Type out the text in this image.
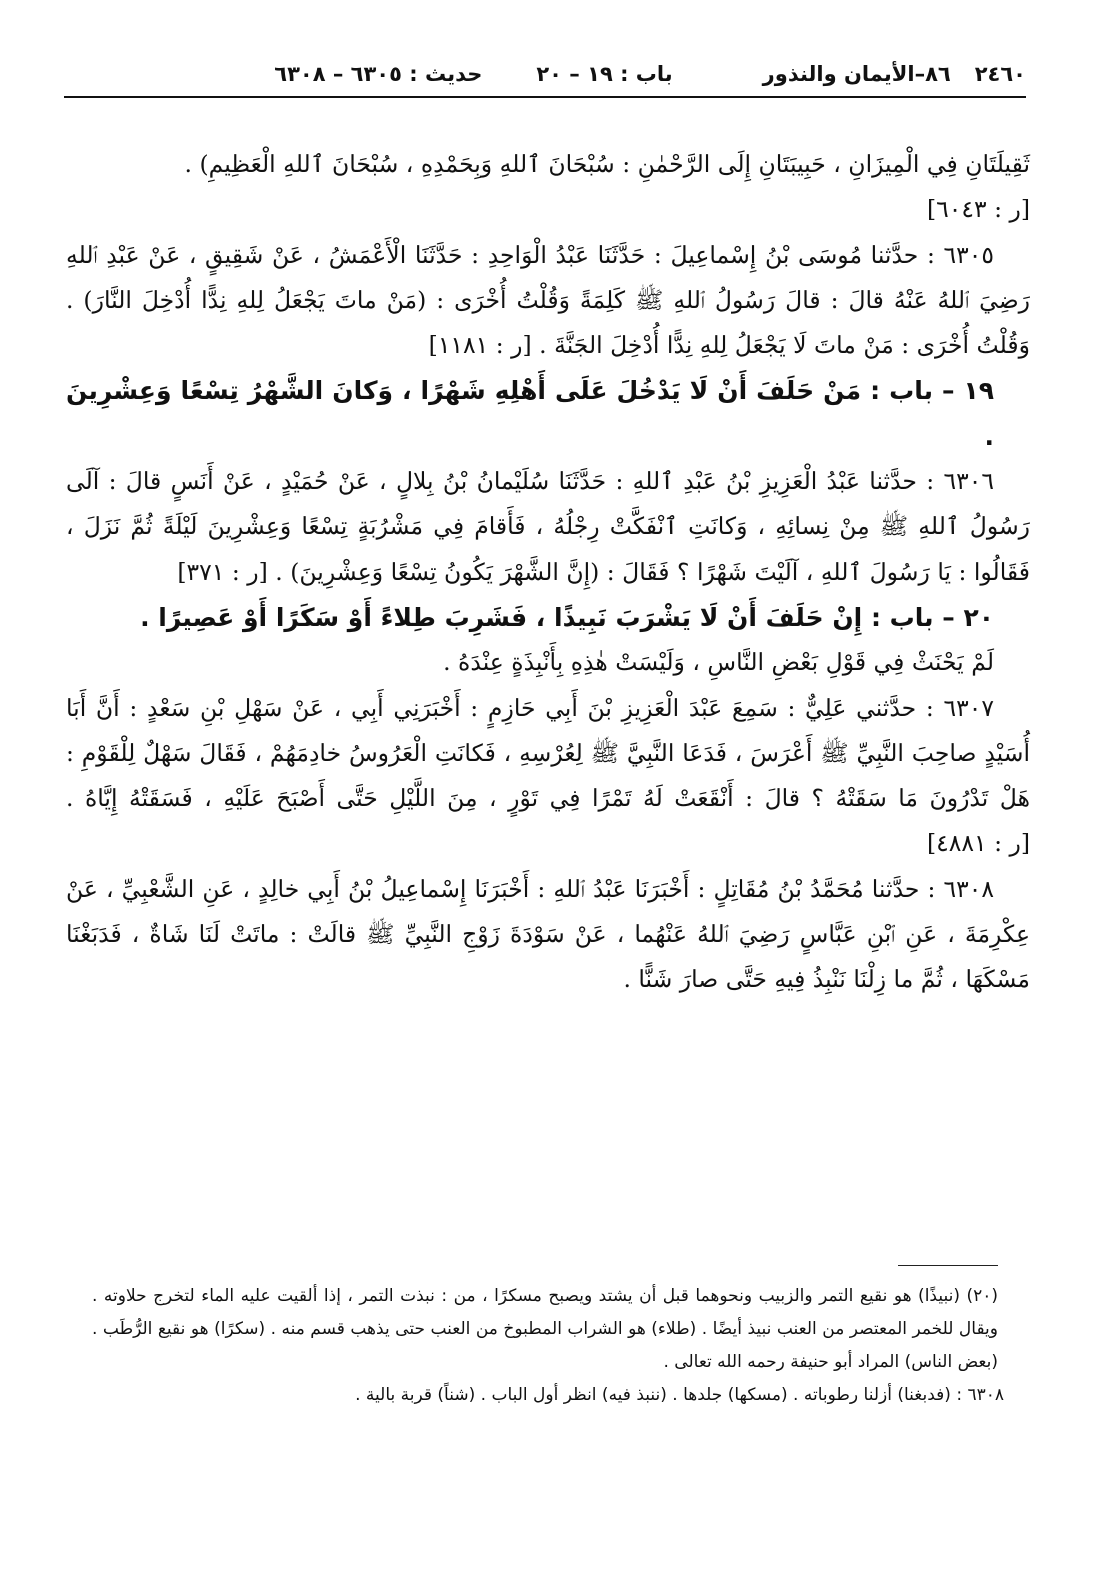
٢٤٦٠
٨٦–الأيمان والنذور
باب : ١٩ – ٢٠
حديث : ٦٣٠٥ – ٦٣٠٨

ثَقِيلَتَانِ فِي الْمِيزَانِ ، حَبِيبَتَانِ إِلَى الرَّحْمٰنِ : سُبْحَانَ ٱللهِ وَبِحَمْدِهِ ، سُبْحَانَ ٱللهِ الْعَظِيمِ) .

[ر : ٦٠٤٣]

٦٣٠٥ : حدَّثنا مُوسَى بْنُ إِسْماعِيلَ : حَدَّثَنَا عَبْدُ الْوَاحِدِ : حَدَّثَنَا الْأَعْمَشُ ، عَنْ شَقِيقٍ ، عَنْ عَبْدِ ٱللهِ رَضِيَ ٱللهُ عَنْهُ قالَ : قالَ رَسُولُ ٱللهِ ﷺ كَلِمَةً وَقُلْتُ أُخْرَى : (مَنْ ماتَ يَجْعَلُ لِلهِ نِدًّا أُدْخِلَ النَّارَ) . وَقُلْتُ أُخْرَى : مَنْ ماتَ لَا يَجْعَلُ لِلهِ نِدًّا أُدْخِلَ الجَنَّةَ . [ر : ١١٨١]

١٩ – باب : مَنْ حَلَفَ أَنْ لَا يَدْخُلَ عَلَى أَهْلِهِ شَهْرًا ، وَكانَ الشَّهْرُ تِسْعًا وَعِشْرِينَ .

٦٣٠٦ : حدَّثنا عَبْدُ الْعَزِيزِ بْنُ عَبْدِ ٱللهِ : حَدَّثَنَا سُلَيْمانُ بْنُ بِلالٍ ، عَنْ حُمَيْدٍ ، عَنْ أَنَسٍ قالَ : آلَى رَسُولُ ٱللهِ ﷺ مِنْ نِسائِهِ ، وَكانَتِ ٱنْفَكَّتْ رِجْلُهُ ، فَأَقامَ فِي مَشْرُبَةٍ تِسْعًا وَعِشْرِينَ لَيْلَةً ثُمَّ نَزَلَ ، فَقَالُوا : يَا رَسُولَ ٱللهِ ، آلَيْتَ شَهْرًا ؟ فَقَالَ : (إِنَّ الشَّهْرَ يَكُونُ تِسْعًا وَعِشْرِينَ) . [ر : ٣٧١]

٢٠ – باب : إِنْ حَلَفَ أَنْ لَا يَشْرَبَ نَبِيذًا ، فَشَرِبَ طِلاءً أَوْ سَكَرًا أَوْ عَصِيرًا .

لَمْ يَحْنَثْ فِي قَوْلِ بَعْضِ النَّاسِ ، وَلَيْسَتْ هٰذِهِ بِأَنْبِذَةٍ عِنْدَهُ .

٦٣٠٧ : حدَّثني عَلِيٌّ : سَمِعَ عَبْدَ الْعَزِيزِ بْنَ أَبِي حَازِمٍ : أَخْبَرَنِي أَبِي ، عَنْ سَهْلِ بْنِ سَعْدٍ : أَنَّ أَبَا أُسَيْدٍ صاحِبَ النَّبِيِّ ﷺ أَعْرَسَ ، فَدَعَا النَّبِيَّ ﷺ لِعُرْسِهِ ، فَكانَتِ الْعَرُوسُ خادِمَهُمْ ، فَقَالَ سَهْلٌ لِلْقَوْمِ : هَلْ تَدْرُونَ مَا سَقَتْهُ ؟ قالَ : أَنْقَعَتْ لَهُ تَمْرًا فِي تَوْرٍ ، مِنَ اللَّيْلِ حَتَّى أَصْبَحَ عَلَيْهِ ، فَسَقَتْهُ إِيَّاهُ . [ر : ٤٨٨١]

٦٣٠٨ : حدَّثنا مُحَمَّدُ بْنُ مُقَاتِلٍ : أَخْبَرَنَا عَبْدُ ٱللهِ : أَخْبَرَنَا إِسْماعِيلُ بْنُ أَبِي خالِدٍ ، عَنِ الشَّعْبِيِّ ، عَنْ عِكْرِمَةَ ، عَنِ ٱبْنِ عَبَّاسٍ رَضِيَ ٱللهُ عَنْهُما ، عَنْ سَوْدَةَ زَوْجِ النَّبِيِّ ﷺ قالَتْ : ماتَتْ لَنَا شَاةٌ ، فَدَبَغْنَا مَسْكَهَا ، ثُمَّ ما زِلْنَا نَنْبِذُ فِيهِ حَتَّى صارَ شَنًّا .

(٢٠) (نبيذًا) هو نقيع التمر والزبيب ونحوهما قبل أن يشتد ويصبح مسكرًا ، من : نبذت التمر ، إذا ألقيت عليه الماء لتخرج حلاوته . ويقال للخمر المعتصر من العنب نبيذ أيضًا . (طلاء) هو الشراب المطبوخ من العنب حتى يذهب قسم منه . (سكرًا) هو نقيع الرُّطَب . (بعض الناس) المراد أبو حنيفة رحمه الله تعالى .

٦٣٠٨ : (فدبغنا) أزلنا رطوباته . (مسكها) جلدها . (ننبذ فيه) انظر أول الباب . (شناً) قربة بالية .
